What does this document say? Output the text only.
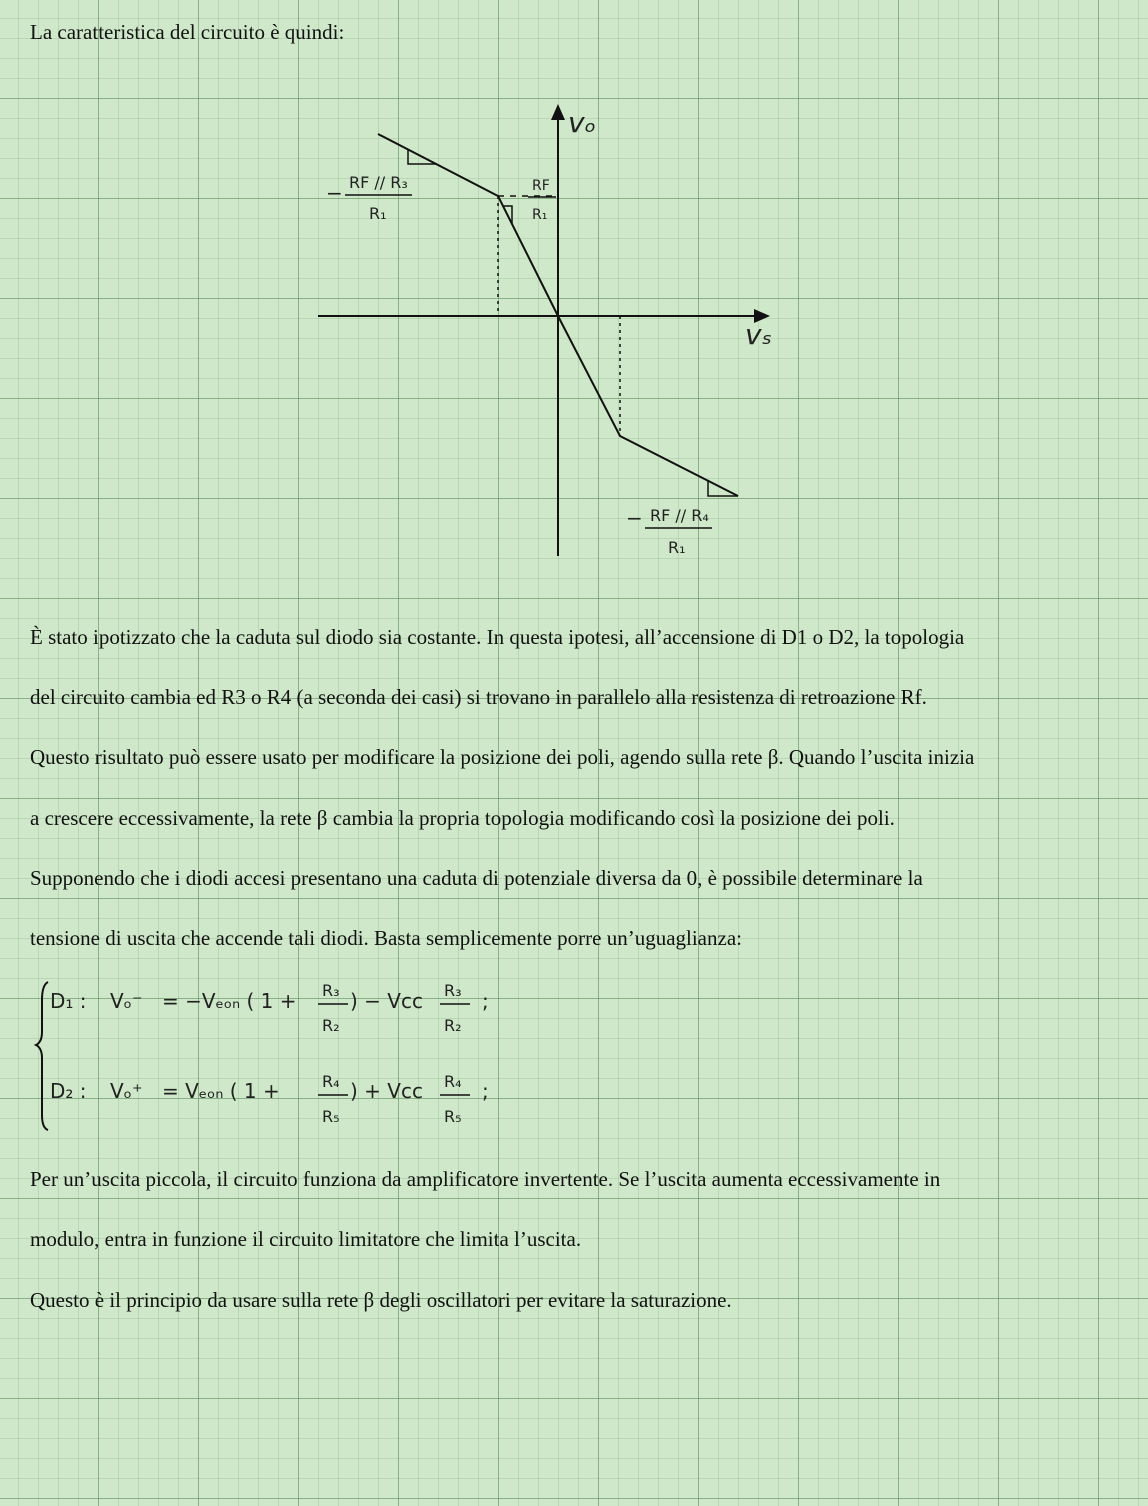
La caratteristica del circuito è quindi:
vₒ
vₛ
− RF // R₃
R₁
RF
R₁
− RF // R₄
R₁
È stato ipotizzato che la caduta sul diodo sia costante. In questa ipotesi, all’accensione di D1 o D2, la topologia
del circuito cambia ed R3 o R4 (a seconda dei casi) si trovano in parallelo alla resistenza di retroazione Rf.
Questo risultato può essere usato per modificare la posizione dei poli, agendo sulla rete β. Quando l’uscita inizia
a crescere eccessivamente, la rete β cambia la propria topologia modificando così la posizione dei poli.
Supponendo che i diodi accesi presentano una caduta di potenziale diversa da 0, è possibile determinare la
tensione di uscita che accende tali diodi. Basta semplicemente porre un’uguaglianza:
D₁ : Vₒ⁻ = −Vₑₒₙ ( 1 + R₃
R₂
) − Vcc R₃
R₂
;
D₂ : Vₒ⁺ = Vₑₒₙ ( 1 +	R₄
R₅
) + Vcc R₄
R₅
;
Per un’uscita piccola, il circuito funziona da amplificatore invertente. Se l’uscita aumenta eccessivamente in
modulo, entra in funzione il circuito limitatore che limita l’uscita.
Questo è il principio da usare sulla rete β degli oscillatori per evitare la saturazione.
